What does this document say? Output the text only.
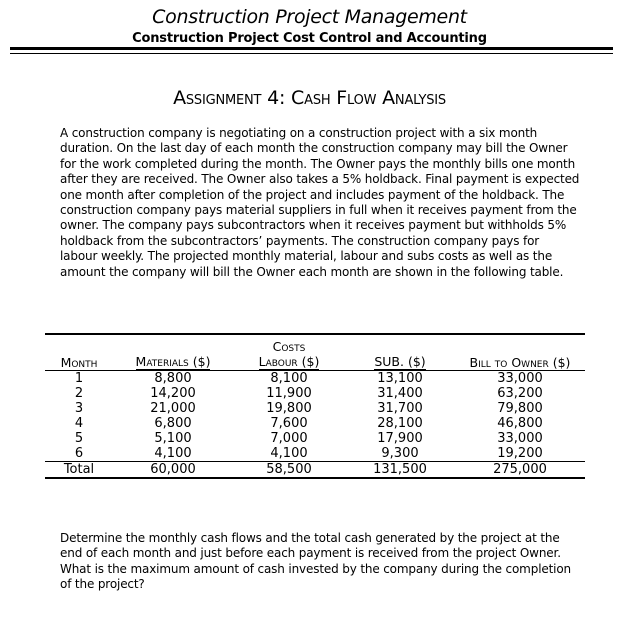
Construction Project Management
Construction Project Cost Control and Accounting
Assignment 4: Cash Flow Analysis
A construction company is negotiating on a construction project with a six month duration. On the last day of each month the construction company may bill the Owner for the work completed during the month. The Owner pays the monthly bills one month after they are received. The Owner also takes a 5% holdback. Final payment is expected one month after completion of the project and includes payment of the holdback. The construction company pays material suppliers in full when it receives payment from the owner. The company pays subcontractors when it receives payment but withholds 5% holdback from the subcontractors’ payments. The construction company pays for labour weekly. The projected monthly material, labour and subs costs as well as the amount the company will bill the Owner each month are shown in the following table.
		Costs		
Month	Materials ($)	Labour ($)	SUB. ($)	Bill to Owner ($)
1	8,800	8,100	13,100	33,000
2	14,200	11,900	31,400	63,200
3	21,000	19,800	31,700	79,800
4	6,800	7,600	28,100	46,800
5	5,100	7,000	17,900	33,000
6	4,100	4,100	9,300	19,200
Total	60,000	58,500	131,500	275,000
Determine the monthly cash flows and the total cash generated by the project at the end of each month and just before each payment is received from the project Owner. What is the maximum amount of cash invested by the company during the completion of the project?
